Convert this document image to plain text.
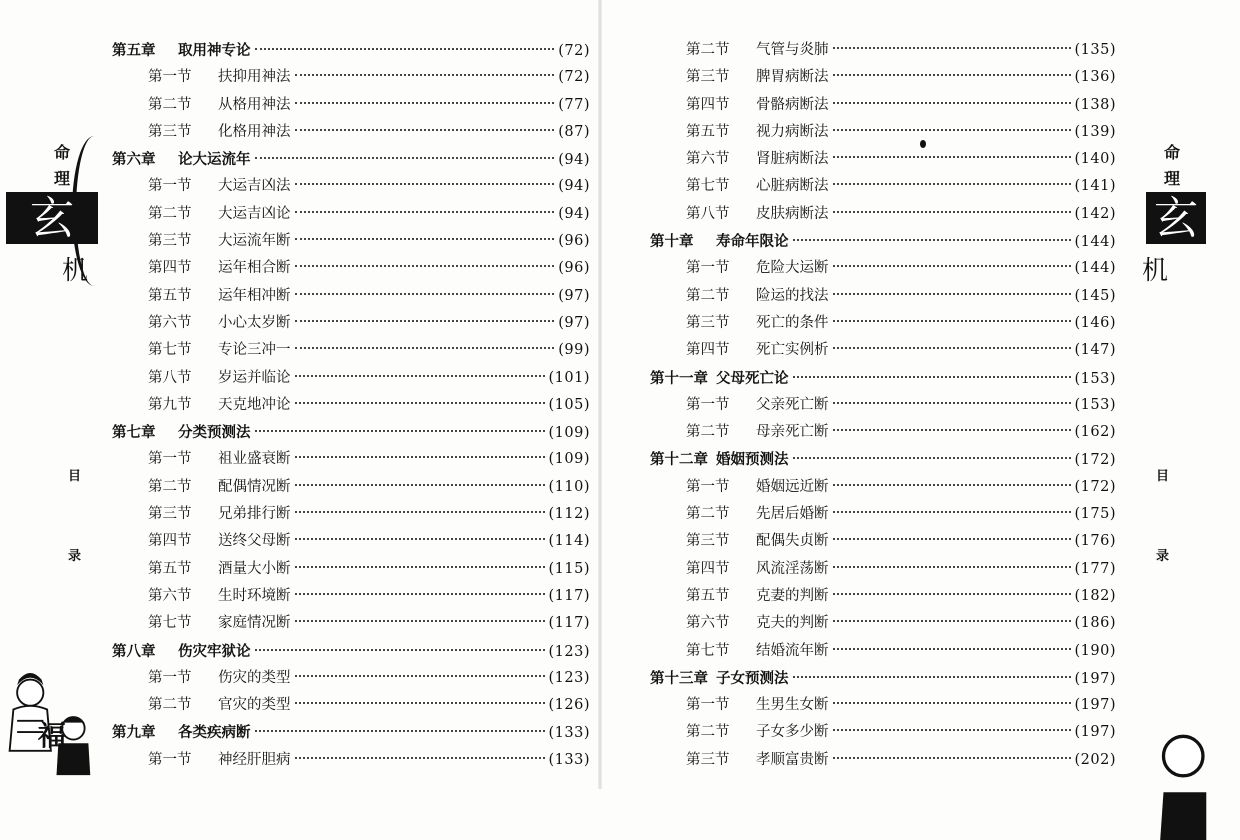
命
理
玄
机
目
录
福
第五章	取用神专论	(72)
第一节	扶抑用神法	(72)
第二节	从格用神法	(77)
第三节	化格用神法	(87)
第六章	论大运流年	(94)
第一节	大运吉凶法	(94)
第二节	大运吉凶论	(94)
第三节	大运流年断	(96)
第四节	运年相合断	(96)
第五节	运年相冲断	(97)
第六节	小心太岁断	(97)
第七节	专论三冲一	(99)
第八节	岁运并临论	(101)
第九节	天克地冲论	(105)
第七章	分类预测法	(109)
第一节	祖业盛衰断	(109)
第二节	配偶情况断	(110)
第三节	兄弟排行断	(112)
第四节	送终父母断	(114)
第五节	酒量大小断	(115)
第六节	生时环境断	(117)
第七节	家庭情况断	(117)
第八章	伤灾牢狱论	(123)
第一节	伤灾的类型	(123)
第二节	官灾的类型	(126)
第九章	各类疾病断	(133)
第一节	神经肝胆病	(133)
第二节	气管与炎肺	(135)
第三节	脾胃病断法	(136)
第四节	骨骼病断法	(138)
第五节	视力病断法	(139)
第六节	肾脏病断法	(140)
第七节	心脏病断法	(141)
第八节	皮肤病断法	(142)
第十章	寿命年限论	(144)
第一节	危险大运断	(144)
第二节	险运的找法	(145)
第三节	死亡的条件	(146)
第四节	死亡实例析	(147)
第十一章 父母死亡论	(153)
第一节	父亲死亡断	(153)
第二节	母亲死亡断	(162)
第十二章 婚姻预测法	(172)
第一节	婚姻远近断	(172)
第二节	先居后婚断	(175)
第三节	配偶失贞断	(176)
第四节	风流淫荡断	(177)
第五节	克妻的判断	(182)
第六节	克夫的判断	(186)
第七节	结婚流年断	(190)
第十三章 子女预测法	(197)
第一节	生男生女断	(197)
第二节	子女多少断	(197)
第三节	孝顺富贵断	(202)
命
理
玄
机
目
录
